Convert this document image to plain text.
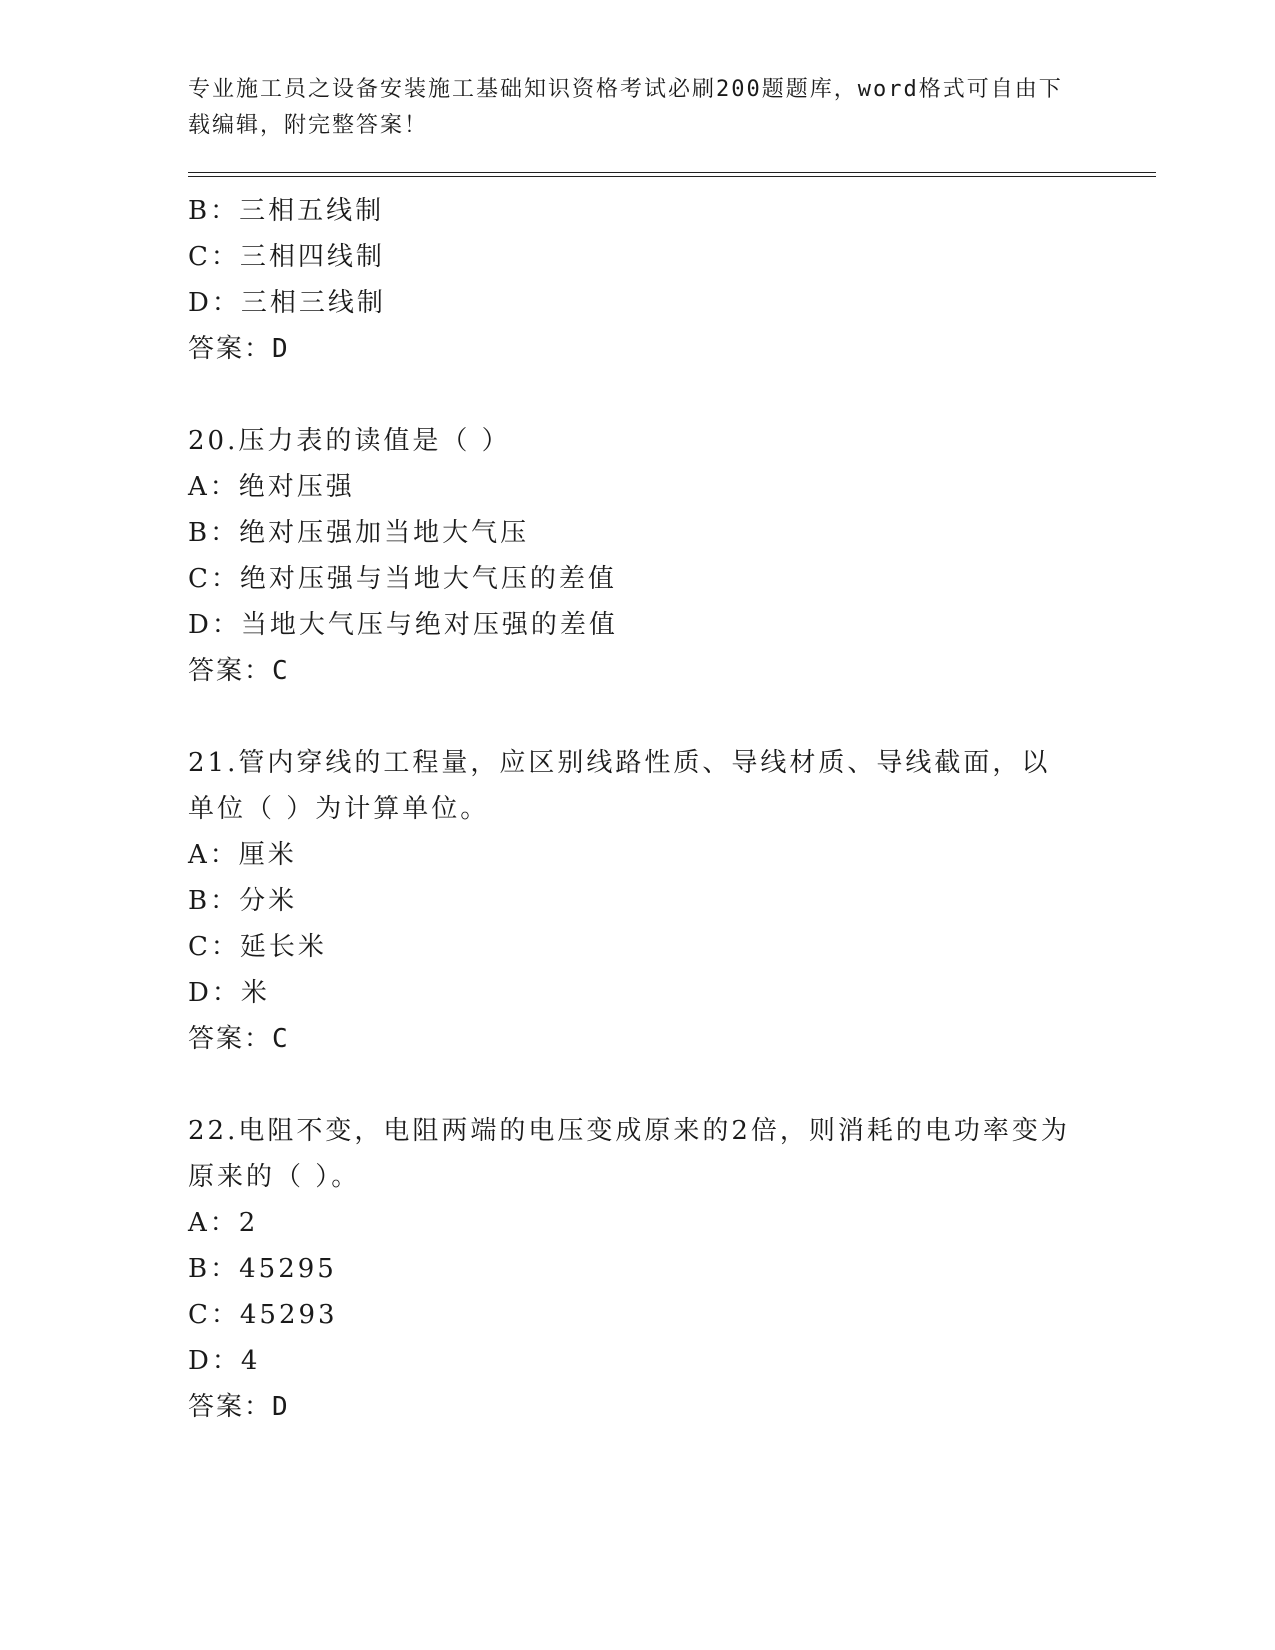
专业施工员之设备安装施工基础知识资格考试必刷200题题库，word格式可自由下载编辑，附完整答案！
B：三相五线制
C：三相四线制
D：三相三线制
答案：D
20.压力表的读值是（ ）
A：绝对压强
B：绝对压强加当地大气压
C：绝对压强与当地大气压的差值
D：当地大气压与绝对压强的差值
答案：C
21.管内穿线的工程量，应区别线路性质、导线材质、导线截面，以单位（ ）为计算单位。
A：厘米
B：分米
C：延长米
D：米
答案：C
22.电阻不变，电阻两端的电压变成原来的2倍，则消耗的电功率变为原来的（ ）。
A：2
B：45295
C：45293
D：4
答案：D
